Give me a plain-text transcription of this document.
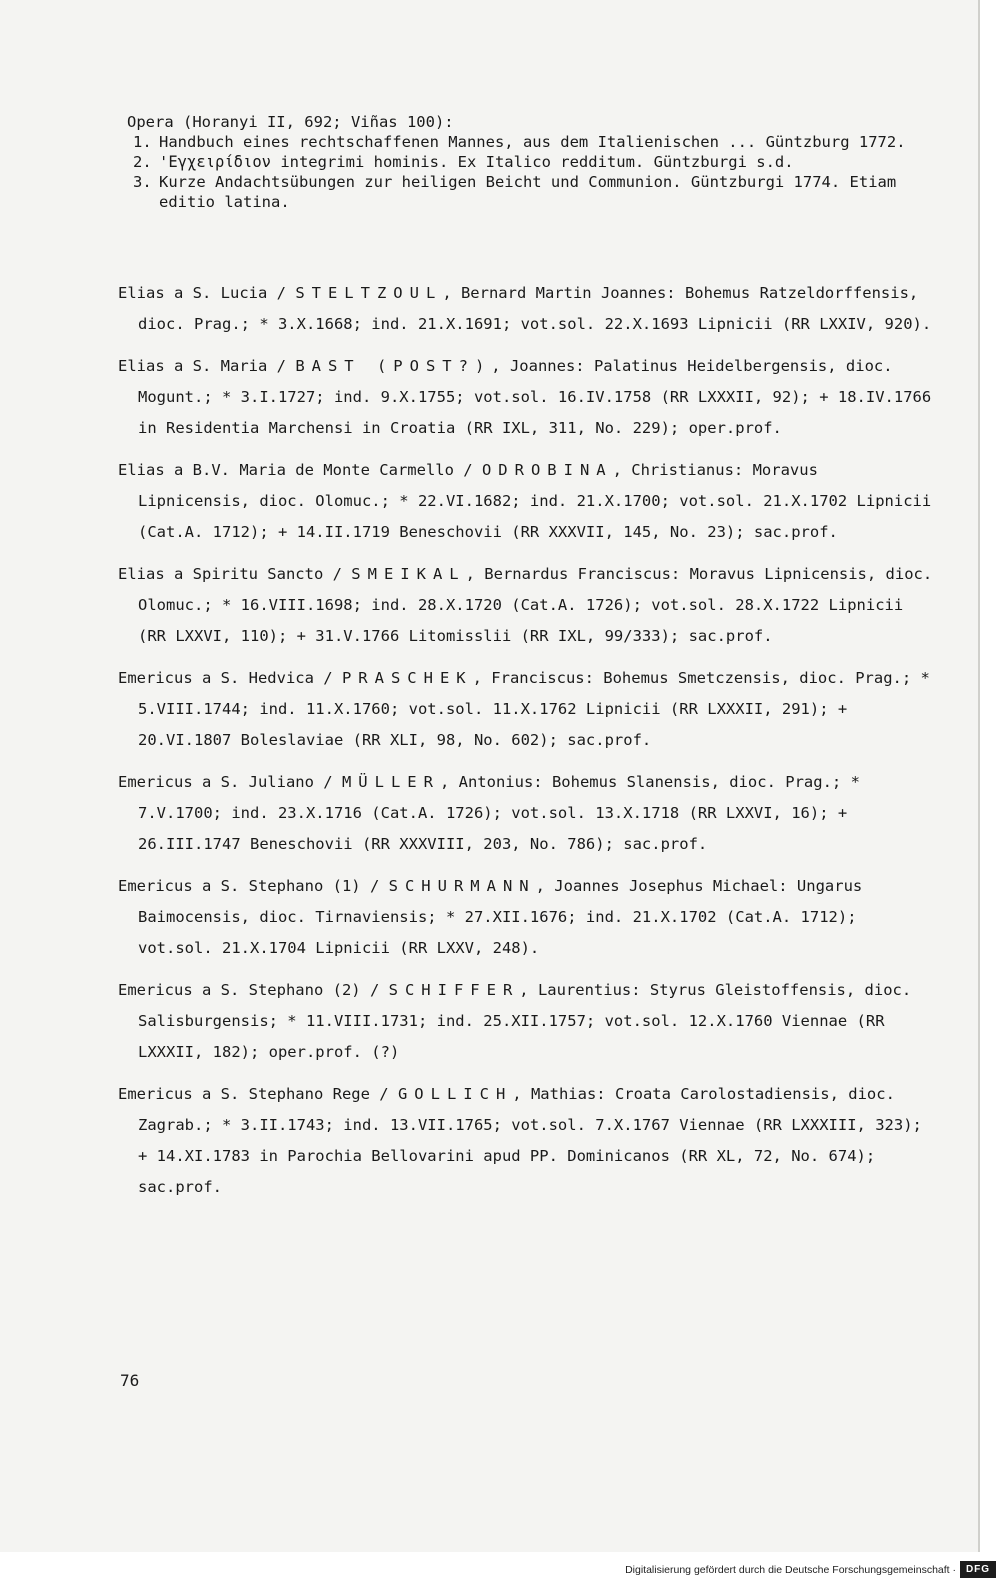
Opera (Horanyi II, 692; Viñas 100):

1. Handbuch eines rechtschaffenen Mannes, aus dem Italienischen ... Güntzburg 1772.

2. 'Εγχειρίδιον integrimi hominis. Ex Italico redditum. Güntzburgi s.d.

3. Kurze Andachtsübungen zur heiligen Beicht und Communion. Güntzburgi 1774. Etiam editio latina.

Elias a S. Lucia / STELTZOUL, Bernard Martin Joannes: Bohemus Ratzeldorffensis, dioc. Prag.; * 3.X.1668; ind. 21.X.1691; vot.sol. 22.X.1693 Lipnicii (RR LXXIV, 920).

Elias a S. Maria / BAST (POST?), Joannes: Palatinus Heidelbergensis, dioc. Mogunt.; * 3.I.1727; ind. 9.X.1755; vot.sol. 16.IV.1758 (RR LXXXII, 92); + 18.IV.1766 in Residentia Marchensi in Croatia (RR IXL, 311, No. 229); oper.prof.

Elias a B.V. Maria de Monte Carmello / ODROBINA, Christianus: Moravus Lipnicensis, dioc. Olomuc.; * 22.VI.1682; ind. 21.X.1700; vot.sol. 21.X.1702 Lipnicii (Cat.A. 1712); + 14.II.1719 Beneschovii (RR XXXVII, 145, No. 23); sac.prof.

Elias a Spiritu Sancto / SMEIKAL, Bernardus Franciscus: Moravus Lipnicensis, dioc. Olomuc.; * 16.VIII.1698; ind. 28.X.1720 (Cat.A. 1726); vot.sol. 28.X.1722 Lipnicii (RR LXXVI, 110); + 31.V.1766 Litomisslii (RR IXL, 99/333); sac.prof.

Emericus a S. Hedvica / PRASCHEK, Franciscus: Bohemus Smetczensis, dioc. Prag.; * 5.VIII.1744; ind. 11.X.1760; vot.sol. 11.X.1762 Lipnicii (RR LXXXII, 291); + 20.VI.1807 Boleslaviae (RR XLI, 98, No. 602); sac.prof.

Emericus a S. Juliano / MÜLLER, Antonius: Bohemus Slanensis, dioc. Prag.; * 7.V.1700; ind. 23.X.1716 (Cat.A. 1726); vot.sol. 13.X.1718 (RR LXXVI, 16); + 26.III.1747 Beneschovii (RR XXXVIII, 203, No. 786); sac.prof.

Emericus a S. Stephano (1) / SCHURMANN, Joannes Josephus Michael: Ungarus Baimocensis, dioc. Tirnaviensis; * 27.XII.1676; ind. 21.X.1702 (Cat.A. 1712); vot.sol. 21.X.1704 Lipnicii (RR LXXV, 248).

Emericus a S. Stephano (2) / SCHIFFER, Laurentius: Styrus Gleistoffensis, dioc. Salisburgensis; * 11.VIII.1731; ind. 25.XII.1757; vot.sol. 12.X.1760 Viennae (RR LXXXII, 182); oper.prof. (?)

Emericus a S. Stephano Rege / GOLLICH, Mathias: Croata Carolostadiensis, dioc. Zagrab.; * 3.II.1743; ind. 13.VII.1765; vot.sol. 7.X.1767 Viennae (RR LXXXIII, 323); + 14.XI.1783 in Parochia Bellovarini apud PP. Dominicanos (RR XL, 72, No. 674); sac.prof.

76
Digitalisierung gefördert durch die Deutsche Forschungsgemeinschaft · DFG
